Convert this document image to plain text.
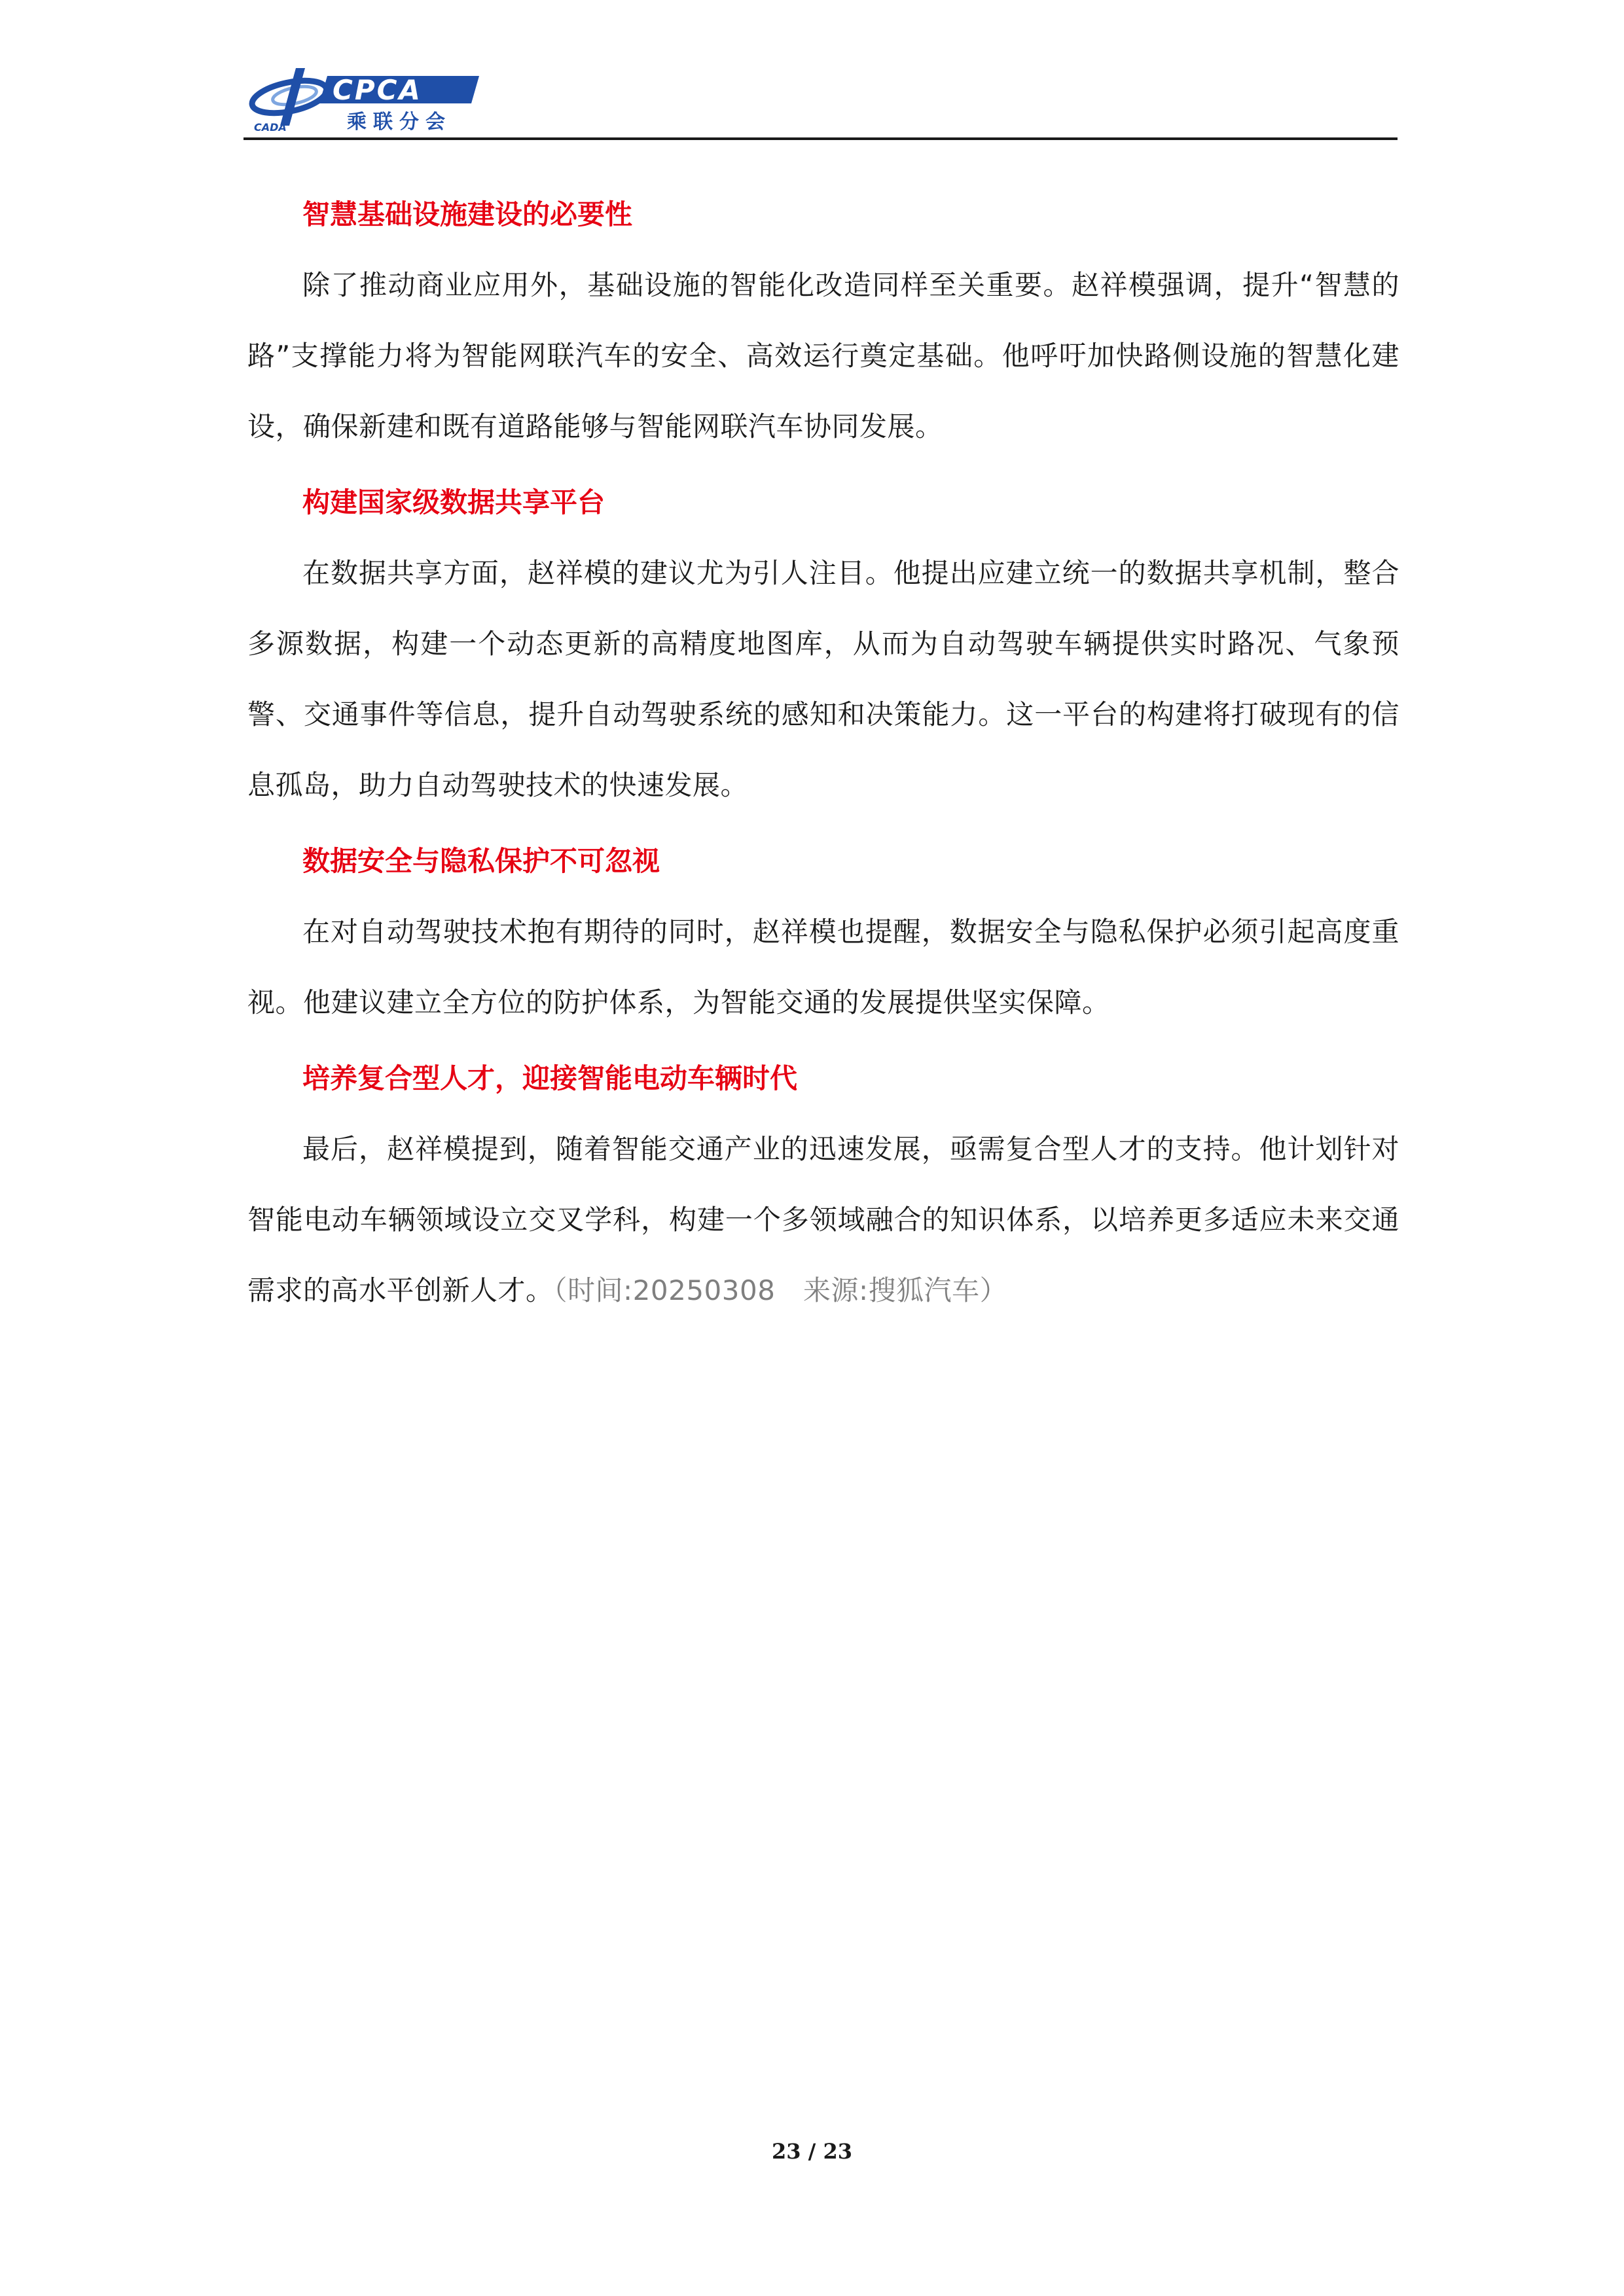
CPCA
乘联分会
CADA
智慧基础设施建设的必要性

除了推动商业应用外，基础设施的智能化改造同样至关重要。赵祥模强调，提升“智慧的路”支撑能力将为智能网联汽车的安全、高效运行奠定基础。他呼吁加快路侧设施的智慧化建设，确保新建和既有道路能够与智能网联汽车协同发展。

构建国家级数据共享平台

在数据共享方面，赵祥模的建议尤为引人注目。他提出应建立统一的数据共享机制，整合多源数据，构建一个动态更新的高精度地图库，从而为自动驾驶车辆提供实时路况、气象预警、交通事件等信息，提升自动驾驶系统的感知和决策能力。这一平台的构建将打破现有的信息孤岛，助力自动驾驶技术的快速发展。

数据安全与隐私保护不可忽视

在对自动驾驶技术抱有期待的同时，赵祥模也提醒，数据安全与隐私保护必须引起高度重视。他建议建立全方位的防护体系，为智能交通的发展提供坚实保障。

培养复合型人才，迎接智能电动车辆时代

最后，赵祥模提到，随着智能交通产业的迅速发展，亟需复合型人才的支持。他计划针对智能电动车辆领域设立交叉学科，构建一个多领域融合的知识体系，以培养更多适应未来交通需求的高水平创新人才。（时间:20250308　来源:搜狐汽车）

23 / 23
